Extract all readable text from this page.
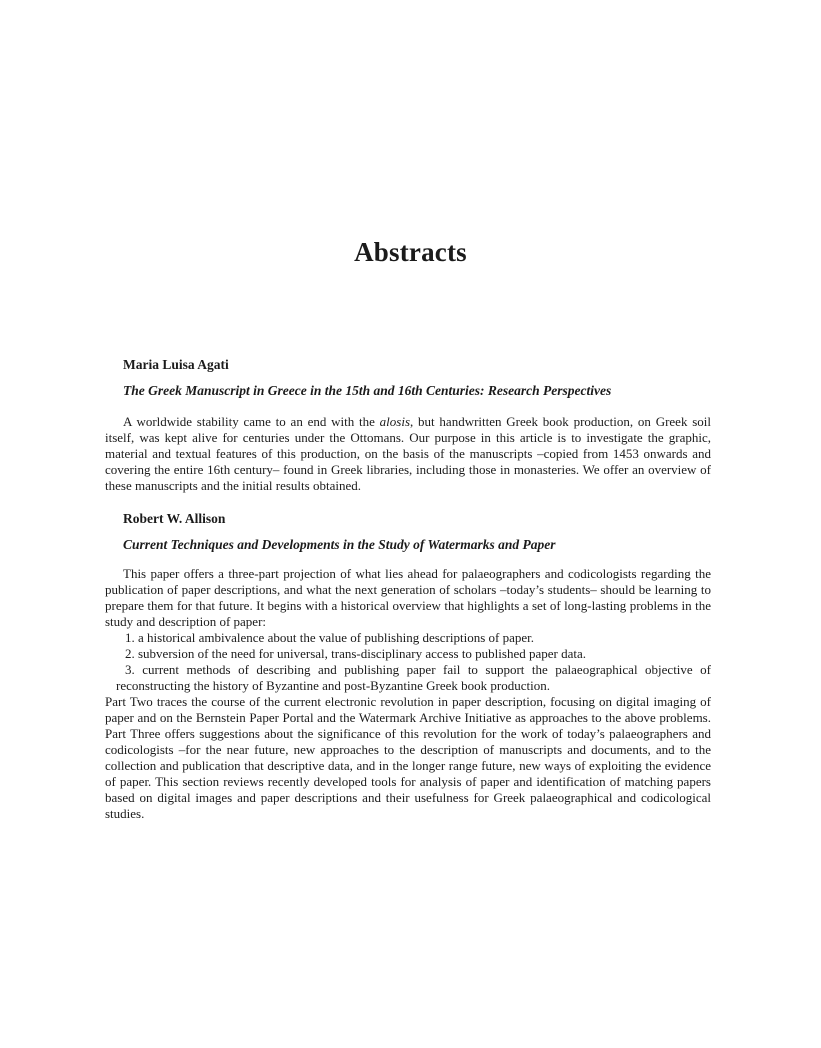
Abstracts
Maria Luisa Agati
The Greek Manuscript in Greece in the 15th and 16th Centuries: Research Perspectives
A worldwide stability came to an end with the alosis, but handwritten Greek book production, on Greek soil itself, was kept alive for centuries under the Ottomans. Our purpose in this article is to investigate the graphic, material and textual features of this production, on the basis of the manuscripts –copied from 1453 onwards and covering the entire 16th century– found in Greek libraries, including those in monasteries. We offer an overview of these manuscripts and the initial results obtained.
Robert W. Allison
Current Techniques and Developments in the Study of Watermarks and Paper
This paper offers a three-part projection of what lies ahead for palaeographers and codicologists regarding the publication of paper descriptions, and what the next generation of scholars –today’s students– should be learning to prepare them for that future. It begins with a historical overview that highlights a set of long-lasting problems in the study and description of paper:
1. a historical ambivalence about the value of publishing descriptions of paper.
2. subversion of the need for universal, trans-disciplinary access to published paper data.
3. current methods of describing and publishing paper fail to support the palaeographical objective of reconstructing the history of Byzantine and post-Byzantine Greek book production.
Part Two traces the course of the current electronic revolution in paper description, focusing on digital imaging of paper and on the Bernstein Paper Portal and the Watermark Archive Initiative as approaches to the above problems. Part Three offers suggestions about the significance of this revolution for the work of today’s palaeographers and codicologists –for the near future, new approaches to the description of manuscripts and documents, and to the collection and publication that descriptive data, and in the longer range future, new ways of exploiting the evidence of paper. This section reviews recently developed tools for analysis of paper and identification of matching papers based on digital images and paper descriptions and their usefulness for Greek palaeographical and codicological studies.
